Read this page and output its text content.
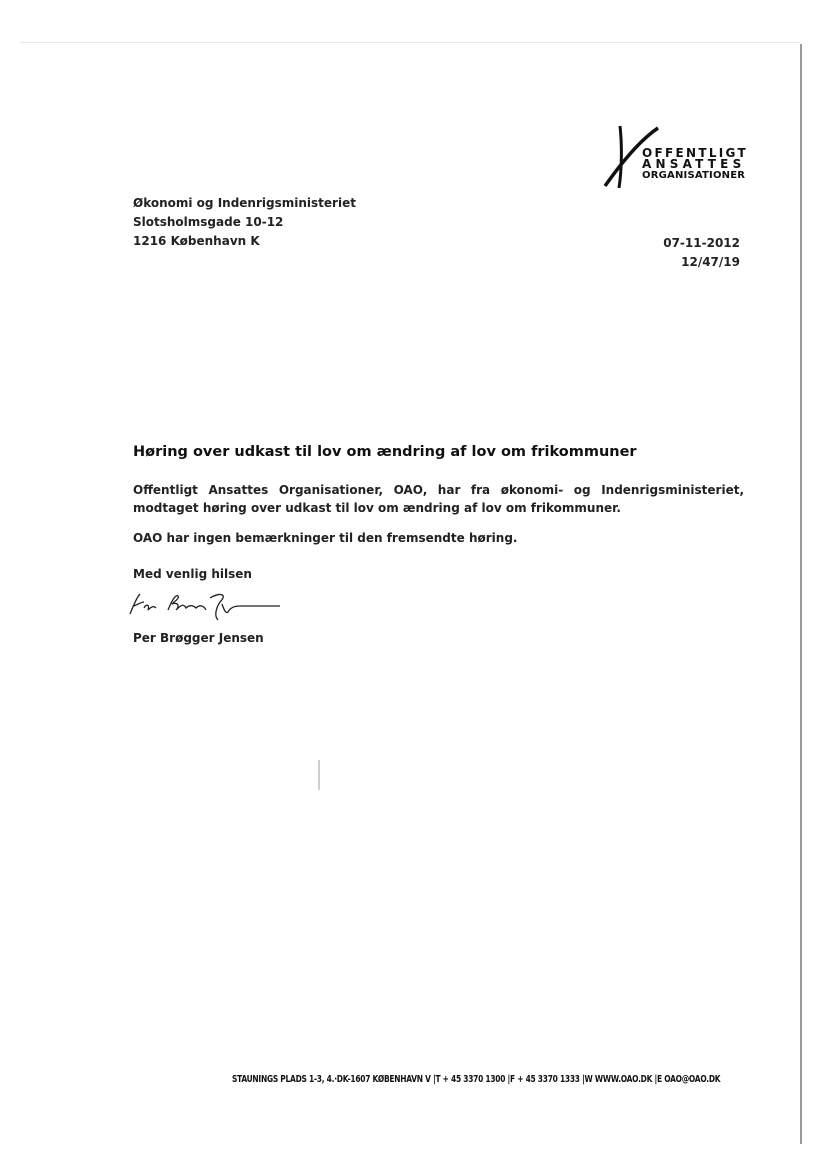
OFFENTLIGT
ANSATTES
ORGANISATIONER
Økonomi og Indenrigsministeriet
Slotsholmsgade 10-12
1216 København K	07-11-2012
12/47/19
Høring over udkast til lov om ændring af lov om frikommuner

Offentligt Ansattes Organisationer, OAO, har fra økonomi- og Indenrigsministeriet, modtaget høring over udkast til lov om ændring af lov om frikommuner.

OAO har ingen bemærkninger til den fremsendte høring.

Med venlig hilsen
Per Brøgger Jensen
STAUNINGS PLADS 1-3, 4.·DK-1607 KØBENHAVN V |T + 45 3370 1300 |F + 45 3370 1333 |W WWW.OAO.DK |E OAO@OAO.DK
